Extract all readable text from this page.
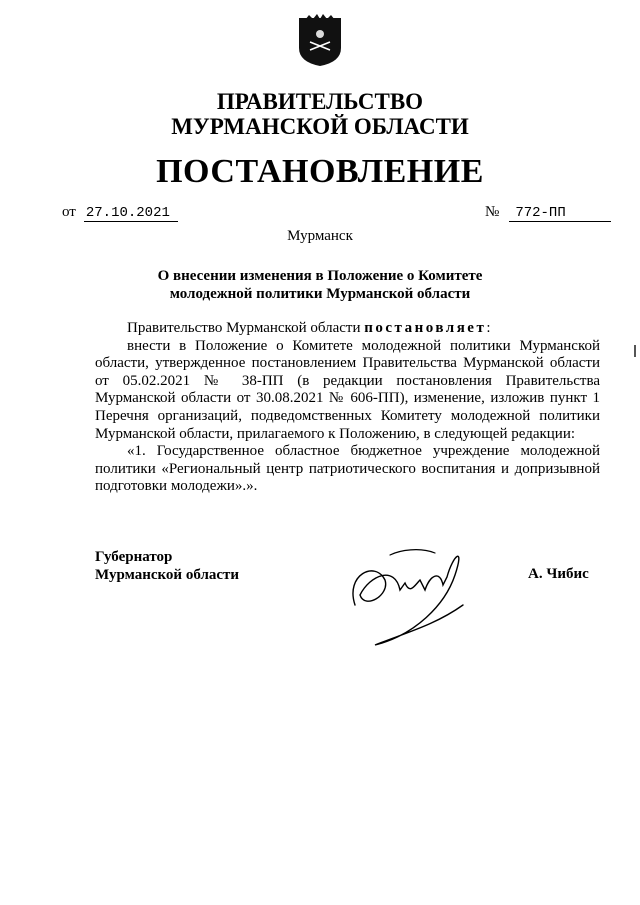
ПРАВИТЕЛЬСТВО
МУРМАНСКОЙ ОБЛАСТИ
ПОСТАНОВЛЕНИЕ
от 27.10.2021	№ 772-ПП
Мурманск
О внесении изменения в Положение о Комитете
молодежной политики Мурманской области

Правительство Мурманской области постановляет:

внести в Положение о Комитете молодежной политики Мурманской области, утвержденное постановлением Правительства Мурманской области от 05.02.2021 № 38-ПП (в редакции постановления Правительства Мурманской области от 30.08.2021 № 606-ПП), изменение, изложив пункт 1 Перечня организаций, подведомственных Комитету молодежной политики Мурманской области, прилагаемого к Положению, в следующей редакции:

«1. Государственное областное бюджетное учреждение молодежной политики «Региональный центр патриотического воспитания и допризывной подготовки молодежи».».

Губернатор
Мурманской области	А. Чибис
